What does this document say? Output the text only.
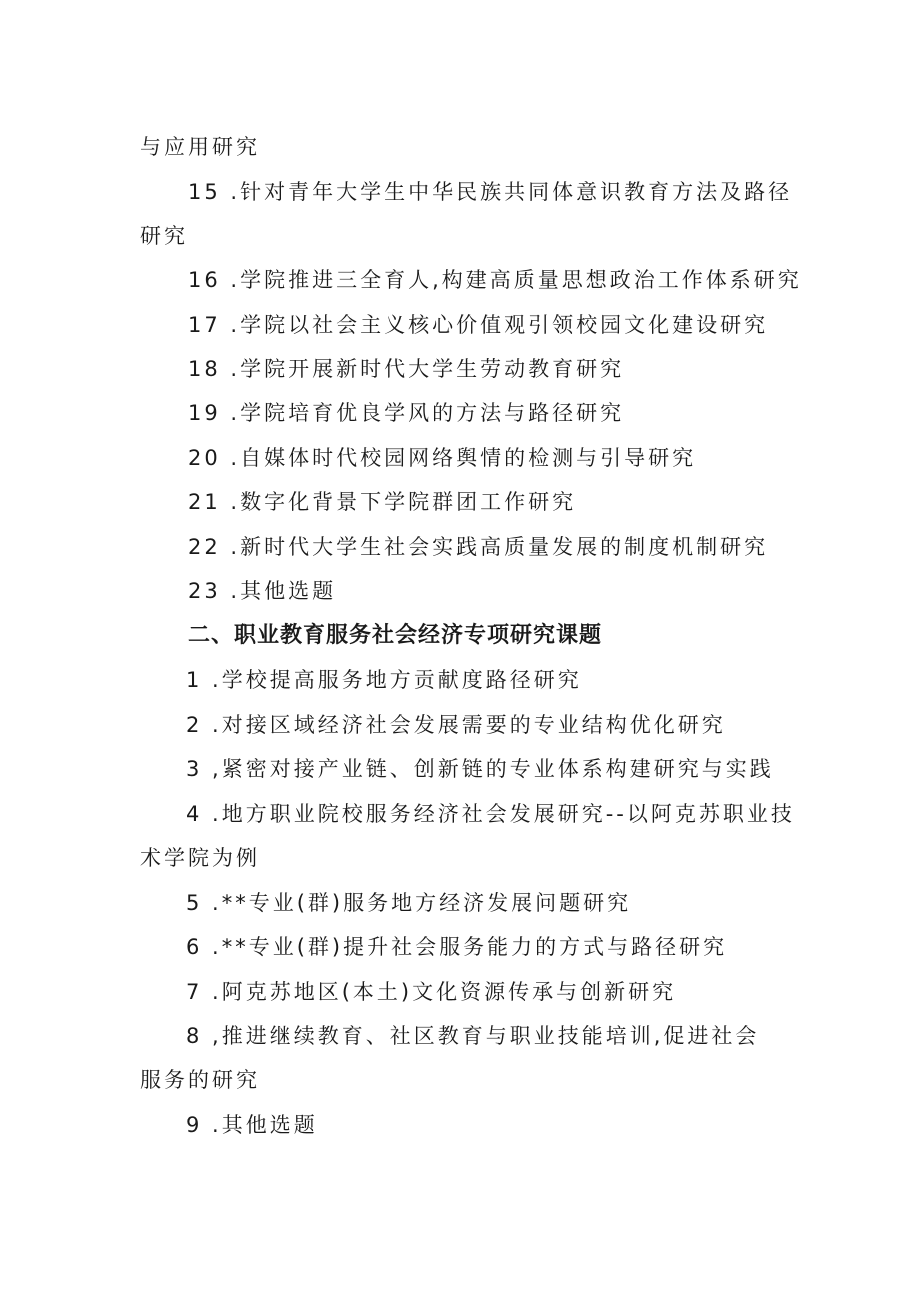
与应用研究
15 .针对青年大学生中华民族共同体意识教育方法及路径
研究
16 .学院推进三全育人,构建高质量思想政治工作体系研究
17 .学院以社会主义核心价值观引领校园文化建设研究
18 .学院开展新时代大学生劳动教育研究
19 .学院培育优良学风的方法与路径研究
20 .自媒体时代校园网络舆情的检测与引导研究
21 .数字化背景下学院群团工作研究
22 .新时代大学生社会实践高质量发展的制度机制研究
23 .其他选题
二、职业教育服务社会经济专项研究课题
1 .学校提高服务地方贡献度路径研究
2 .对接区域经济社会发展需要的专业结构优化研究
3 ,紧密对接产业链、创新链的专业体系构建研究与实践
4 .地方职业院校服务经济社会发展研究--以阿克苏职业技
术学院为例
5 .**专业(群)服务地方经济发展问题研究
6 .**专业(群)提升社会服务能力的方式与路径研究
7 .阿克苏地区(本土)文化资源传承与创新研究
8 ,推进继续教育、社区教育与职业技能培训,促进社会
服务的研究
9 .其他选题
